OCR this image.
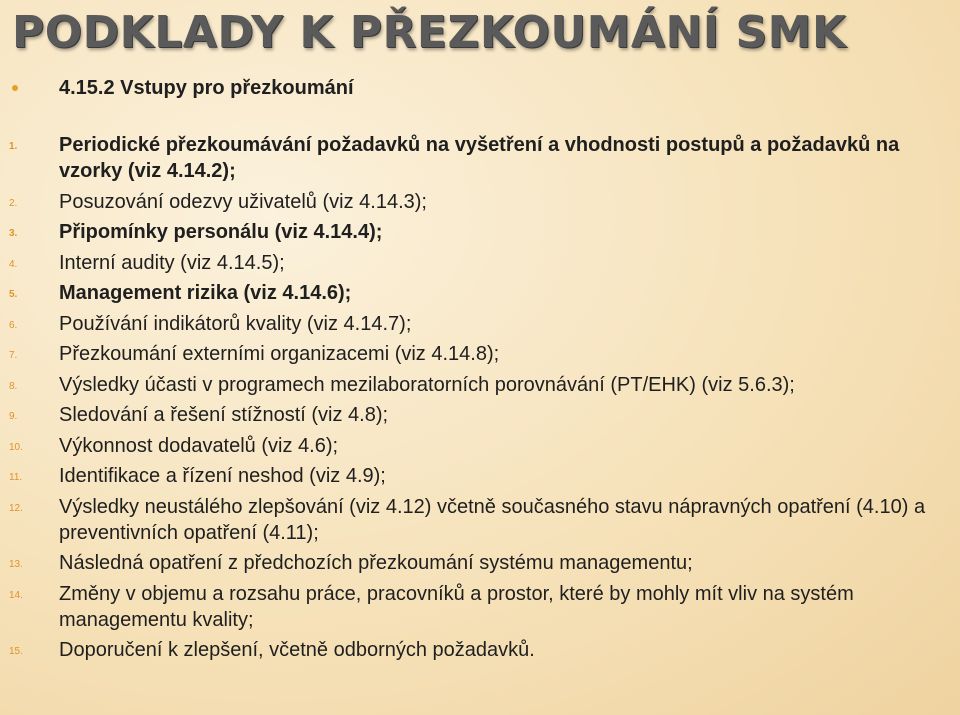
PODKLADY K PŘEZKOUMÁNÍ SMK
4.15.2 Vstupy pro přezkoumání
1. Periodické přezkoumávání požadavků na vyšetření a vhodnosti postupů a požadavků na vzorky (viz 4.14.2);
2. Posuzování odezvy uživatelů (viz 4.14.3);
3. Připomínky personálu (viz 4.14.4);
4. Interní audity (viz 4.14.5);
5. Management rizika (viz 4.14.6);
6. Používání indikátorů kvality (viz 4.14.7);
7. Přezkoumání externími organizacemi (viz 4.14.8);
8. Výsledky účasti v programech mezilaboratorních porovnávání (PT/EHK) (viz 5.6.3);
9. Sledování a řešení stížností (viz 4.8);
10. Výkonnost dodavatelů (viz 4.6);
11. Identifikace a řízení neshod (viz 4.9);
12. Výsledky neustálého zlepšování (viz 4.12) včetně současného stavu nápravných opatření (4.10) a preventivních opatření (4.11);
13. Následná opatření z předchozích přezkoumání systému managementu;
14. Změny v objemu a rozsahu práce, pracovníků a prostor, které by mohly mít vliv na systém managementu kvality;
15. Doporučení k zlepšení, včetně odborných požadavků.
